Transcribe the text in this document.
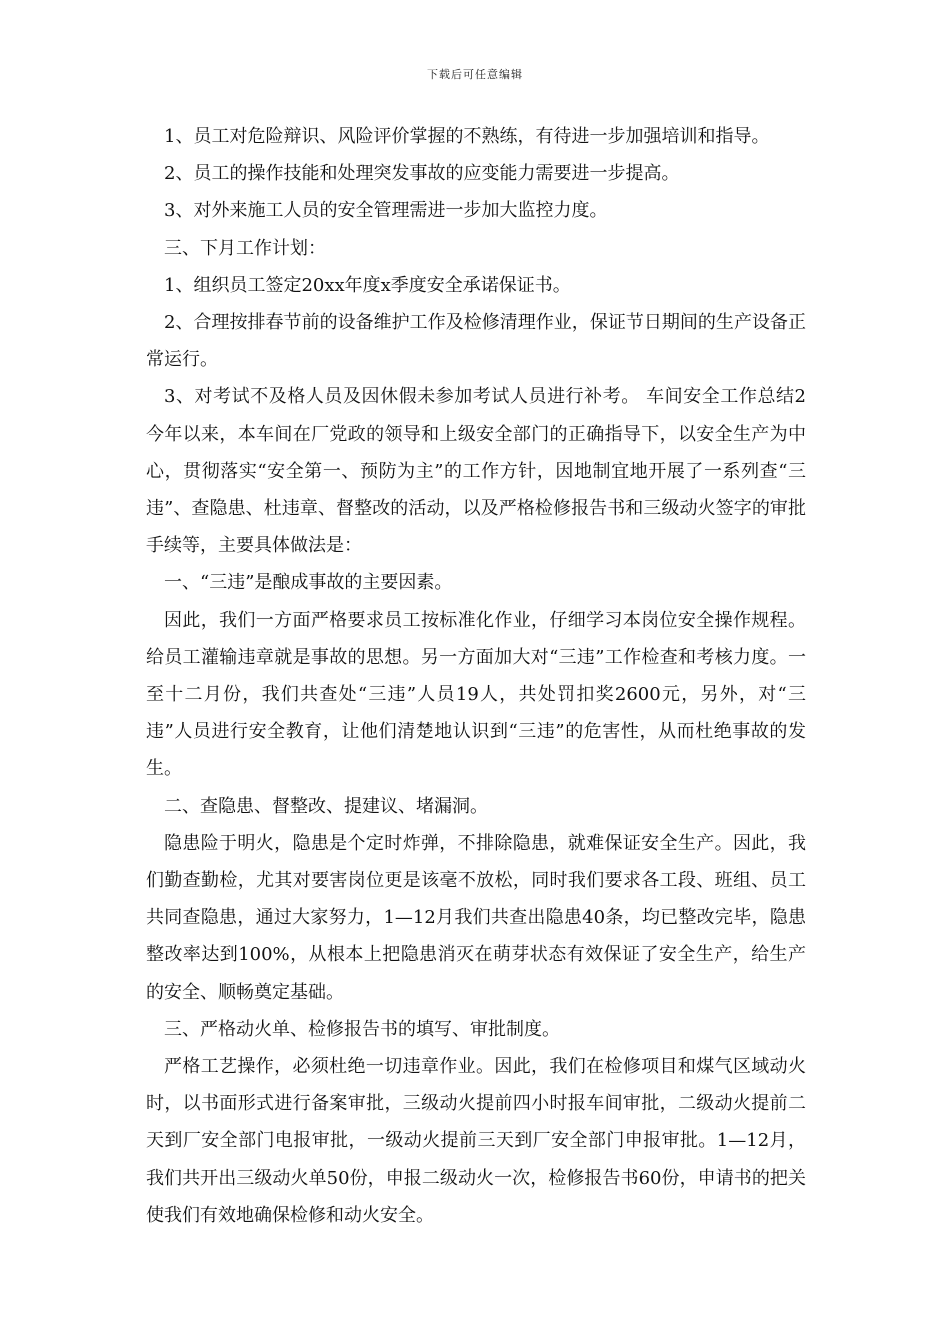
下载后可任意编辑

1、员工对危险辩识、风险评价掌握的不熟练，有待进一步加强培训和指导。

2、员工的操作技能和处理突发事故的应变能力需要进一步提高。

3、对外来施工人员的安全管理需进一步加大监控力度。

三、下月工作计划：

1、组织员工签定20xx年度x季度安全承诺保证书。

2、合理按排春节前的设备维护工作及检修清理作业，保证节日期间的生产设备正常运行。

3、对考试不及格人员及因休假未参加考试人员进行补考。 车间安全工作总结2 今年以来，本车间在厂党政的领导和上级安全部门的正确指导下，以安全生产为中心，贯彻落实“安全第一、预防为主”的工作方针，因地制宜地开展了一系列查“三违”、查隐患、杜违章、督整改的活动，以及严格检修报告书和三级动火签字的审批手续等，主要具体做法是：

一、“三违”是酿成事故的主要因素。

因此，我们一方面严格要求员工按标准化作业，仔细学习本岗位安全操作规程。给员工灌输违章就是事故的思想。另一方面加大对“三违”工作检查和考核力度。一至十二月份，我们共查处“三违”人员19人，共处罚扣奖2600元，另外，对“三违”人员进行安全教育，让他们清楚地认识到“三违”的危害性，从而杜绝事故的发生。

二、查隐患、督整改、提建议、堵漏洞。

隐患险于明火，隐患是个定时炸弹，不排除隐患，就难保证安全生产。因此，我们勤查勤检，尤其对要害岗位更是该毫不放松，同时我们要求各工段、班组、员工共同查隐患，通过大家努力，1—12月我们共查出隐患40条，均已整改完毕，隐患整改率达到100%，从根本上把隐患消灭在萌芽状态有效保证了安全生产，给生产的安全、顺畅奠定基础。

三、严格动火单、检修报告书的填写、审批制度。

严格工艺操作，必须杜绝一切违章作业。因此，我们在检修项目和煤气区域动火时，以书面形式进行备案审批，三级动火提前四小时报车间审批，二级动火提前二天到厂安全部门电报审批，一级动火提前三天到厂安全部门申报审批。1—12月，我们共开出三级动火单50份，申报二级动火一次，检修报告书60份，申请书的把关使我们有效地确保检修和动火安全。
